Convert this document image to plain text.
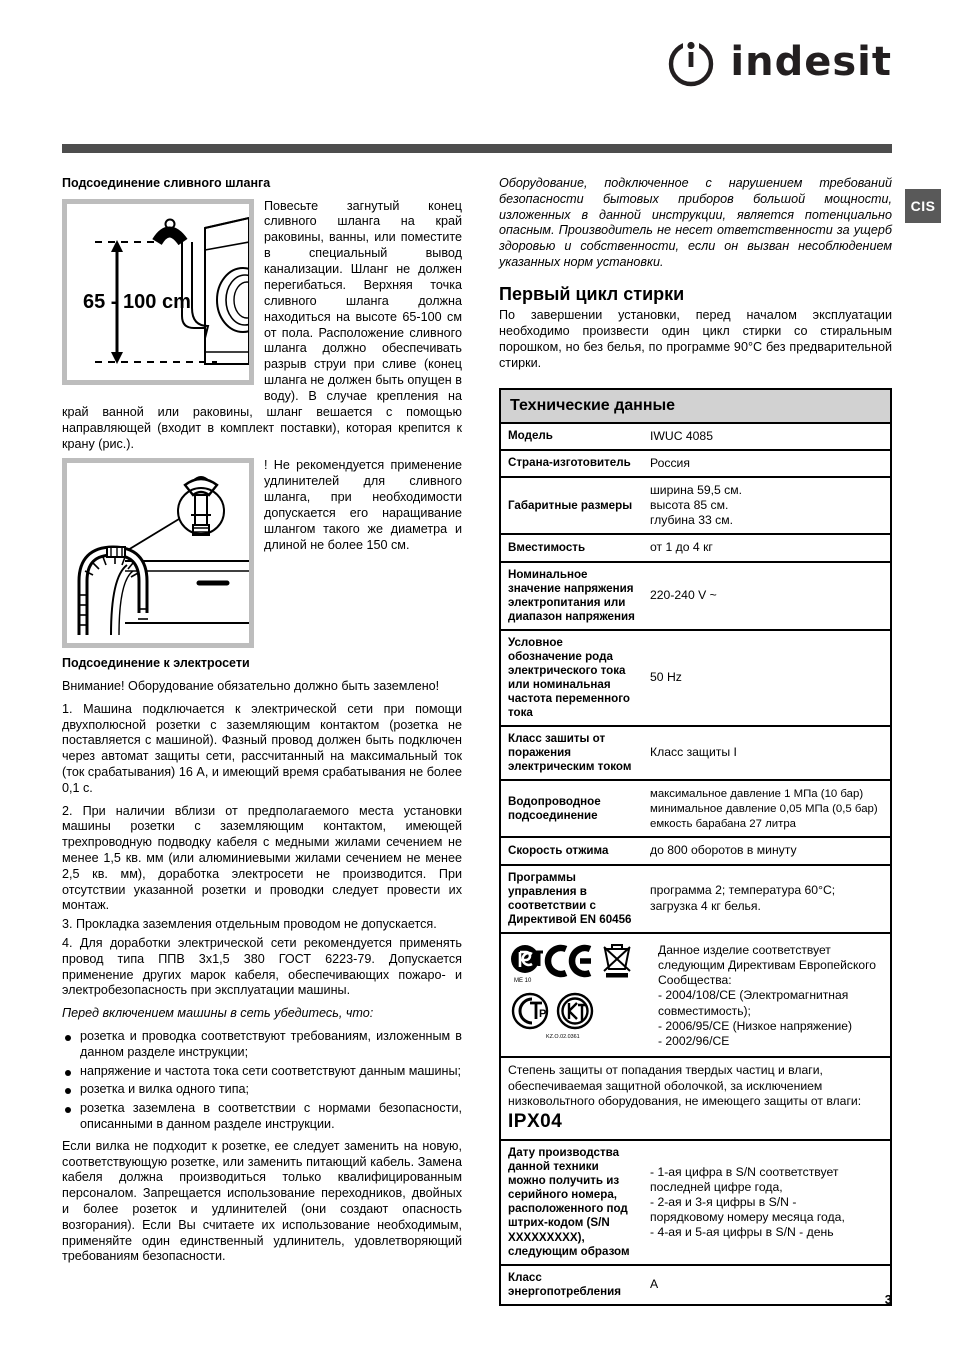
indesit
CIS
Подсоединение сливного шланга
65 - 100 cm

Повесьте загнутый конец сливного шланга на край раковины, ванны, или поместите в специальный вывод канализации. Шланг не должен перегибаться. Верхняя точка сливного шланга должна находиться на высоте 65-100 см от пола. Расположение сливного шланга должно обеспечивать разрыв струи при сливе (конец шланга не должен быть опущен в воду). В случае крепления на край ванной или раковины, шланг вешается с помощью направляющей (входит в комплект поставки), которая крепится к крану (рис.).

! Не рекомендуется применение удлинителей для сливного шланга, при необходимости допускается его наращивание шлангом такого же диаметра и длиной не более 150 см.

Подсоединение к электросети

Внимание! Оборудование обязательно должно быть заземлено!

1. Машина подключается к электрической сети при помощи двухполюсной розетки с заземляющим контактом (розетка не поставляется с машиной). Фазный провод должен быть подключен через автомат защиты сети, рассчитанный на максимальный ток (ток срабатывания) 16 А, и имеющий время срабатывания не более 0,1 с.

2. При наличии вблизи от предполагаемого места установки машины розетки с заземляющим контактом, имеющей трехпроводную подводку кабеля с медными жилами сечением не менее 1,5 кв. мм (или алюминиевыми жилами сечением не менее 2,5 кв. мм), доработка электросети не производится. При отсутствии указанной розетки и проводки следует провести их монтаж.

3. Прокладка заземления отдельным проводом не допускается.

4. Для доработки электрической сети рекомендуется применять провод типа ППВ 3x1,5 380 ГОСТ 6223-79. Допускается применение других марок кабеля, обеспечивающих пожаро- и электробезопасность при эксплуатации машины.

Перед включением машины в сеть убедитесь, что:

розетка и проводка соответствуют требованиям, изложенным в данном разделе инструкции;
напряжение и частота тока сети соответствуют данным машины;
розетка и вилка одного типа;
розетка заземлена в соответствии с нормами безопасности, описанными в данном разделе инструкции.

Если вилка не подходит к розетке, ее следует заменить на новую, соответствующую розетке, или заменить питающий кабель. Замена кабеля должна производиться только квалифицированным персоналом. Запрещается использование переходников, двойных и более розеток и удлинителей (они создают опасность возгорания). Если Вы считаете их использование необходимым, применяйте один единственный удлинитель, удовлетворяющий требованиям безопасности.

Оборудование, подключенное с нарушением требований безопасности бытовых приборов большой мощности, изложенных в данной инструкции, является потенциально опасным. Производитель не несет ответственности за ущерб здоровью и собственности, если он вызван несоблюдением указанных норм установки.

Первый цикл стирки

По завершении установки, перед началом эксплуатации необходимо произвести один цикл стирки со стиральным порошком, но без белья, по программе 90°С без предварительной стирки.

Технические данные	
Модель	IWUC 4085
Страна-изготовитель	Россия
Габаритные размеры	ширина 59,5 см.
высота 85 см.
глубина 33 см.

Вместимость	от 1 до 4 кг
Номинальное значение напряжения электропитания или диапазон напряжения	220-240 V ~
Условное обозначение рода электрического тока или номинальная частота переменного тока	50 Hz
Класс зашиты от поражения электрическим током	Класс защиты I
Водопроводное подсоединение	максимальное давление 1 МПа (10 бар)
минимальное давление 0,05 МПа (0,5 бар)
емкость барабана 27 литра

Скорость отжима	до 800 оборотов в минуту
Программы управления в соответствии с Директивой EN 60456	программа 2; температура 60°С;
загрузка 4 кг белья.

ME 10
Р
KZ.O.02.0361
Данное изделие соответствует
следующим Директивам Европейского
Сообщества:
- 2004/108/СЕ (Электромагнитная
совместимость);
- 2006/95/СЕ (Низкое напряжение)
- 2002/96/СЕ

Степень защиты от попадания твердых частиц и влаги, обеспечиваемая защитной оболочкой, за исключением низковольтного оборудования, не имеющего защиты от влаги: IPX04	
Дату производства данной техники можно получить из серийного номера, расположенного под штрих-кодом (S/N XXXXXXXXX), следующим образом	- 1-ая цифра в S/N соответствует
последней цифре года,
- 2-ая и 3-я цифры в S/N -
порядковому номеру месяца года,
- 4-ая и 5-ая цифры в S/N - день

Класс энергопотребления	А
3
